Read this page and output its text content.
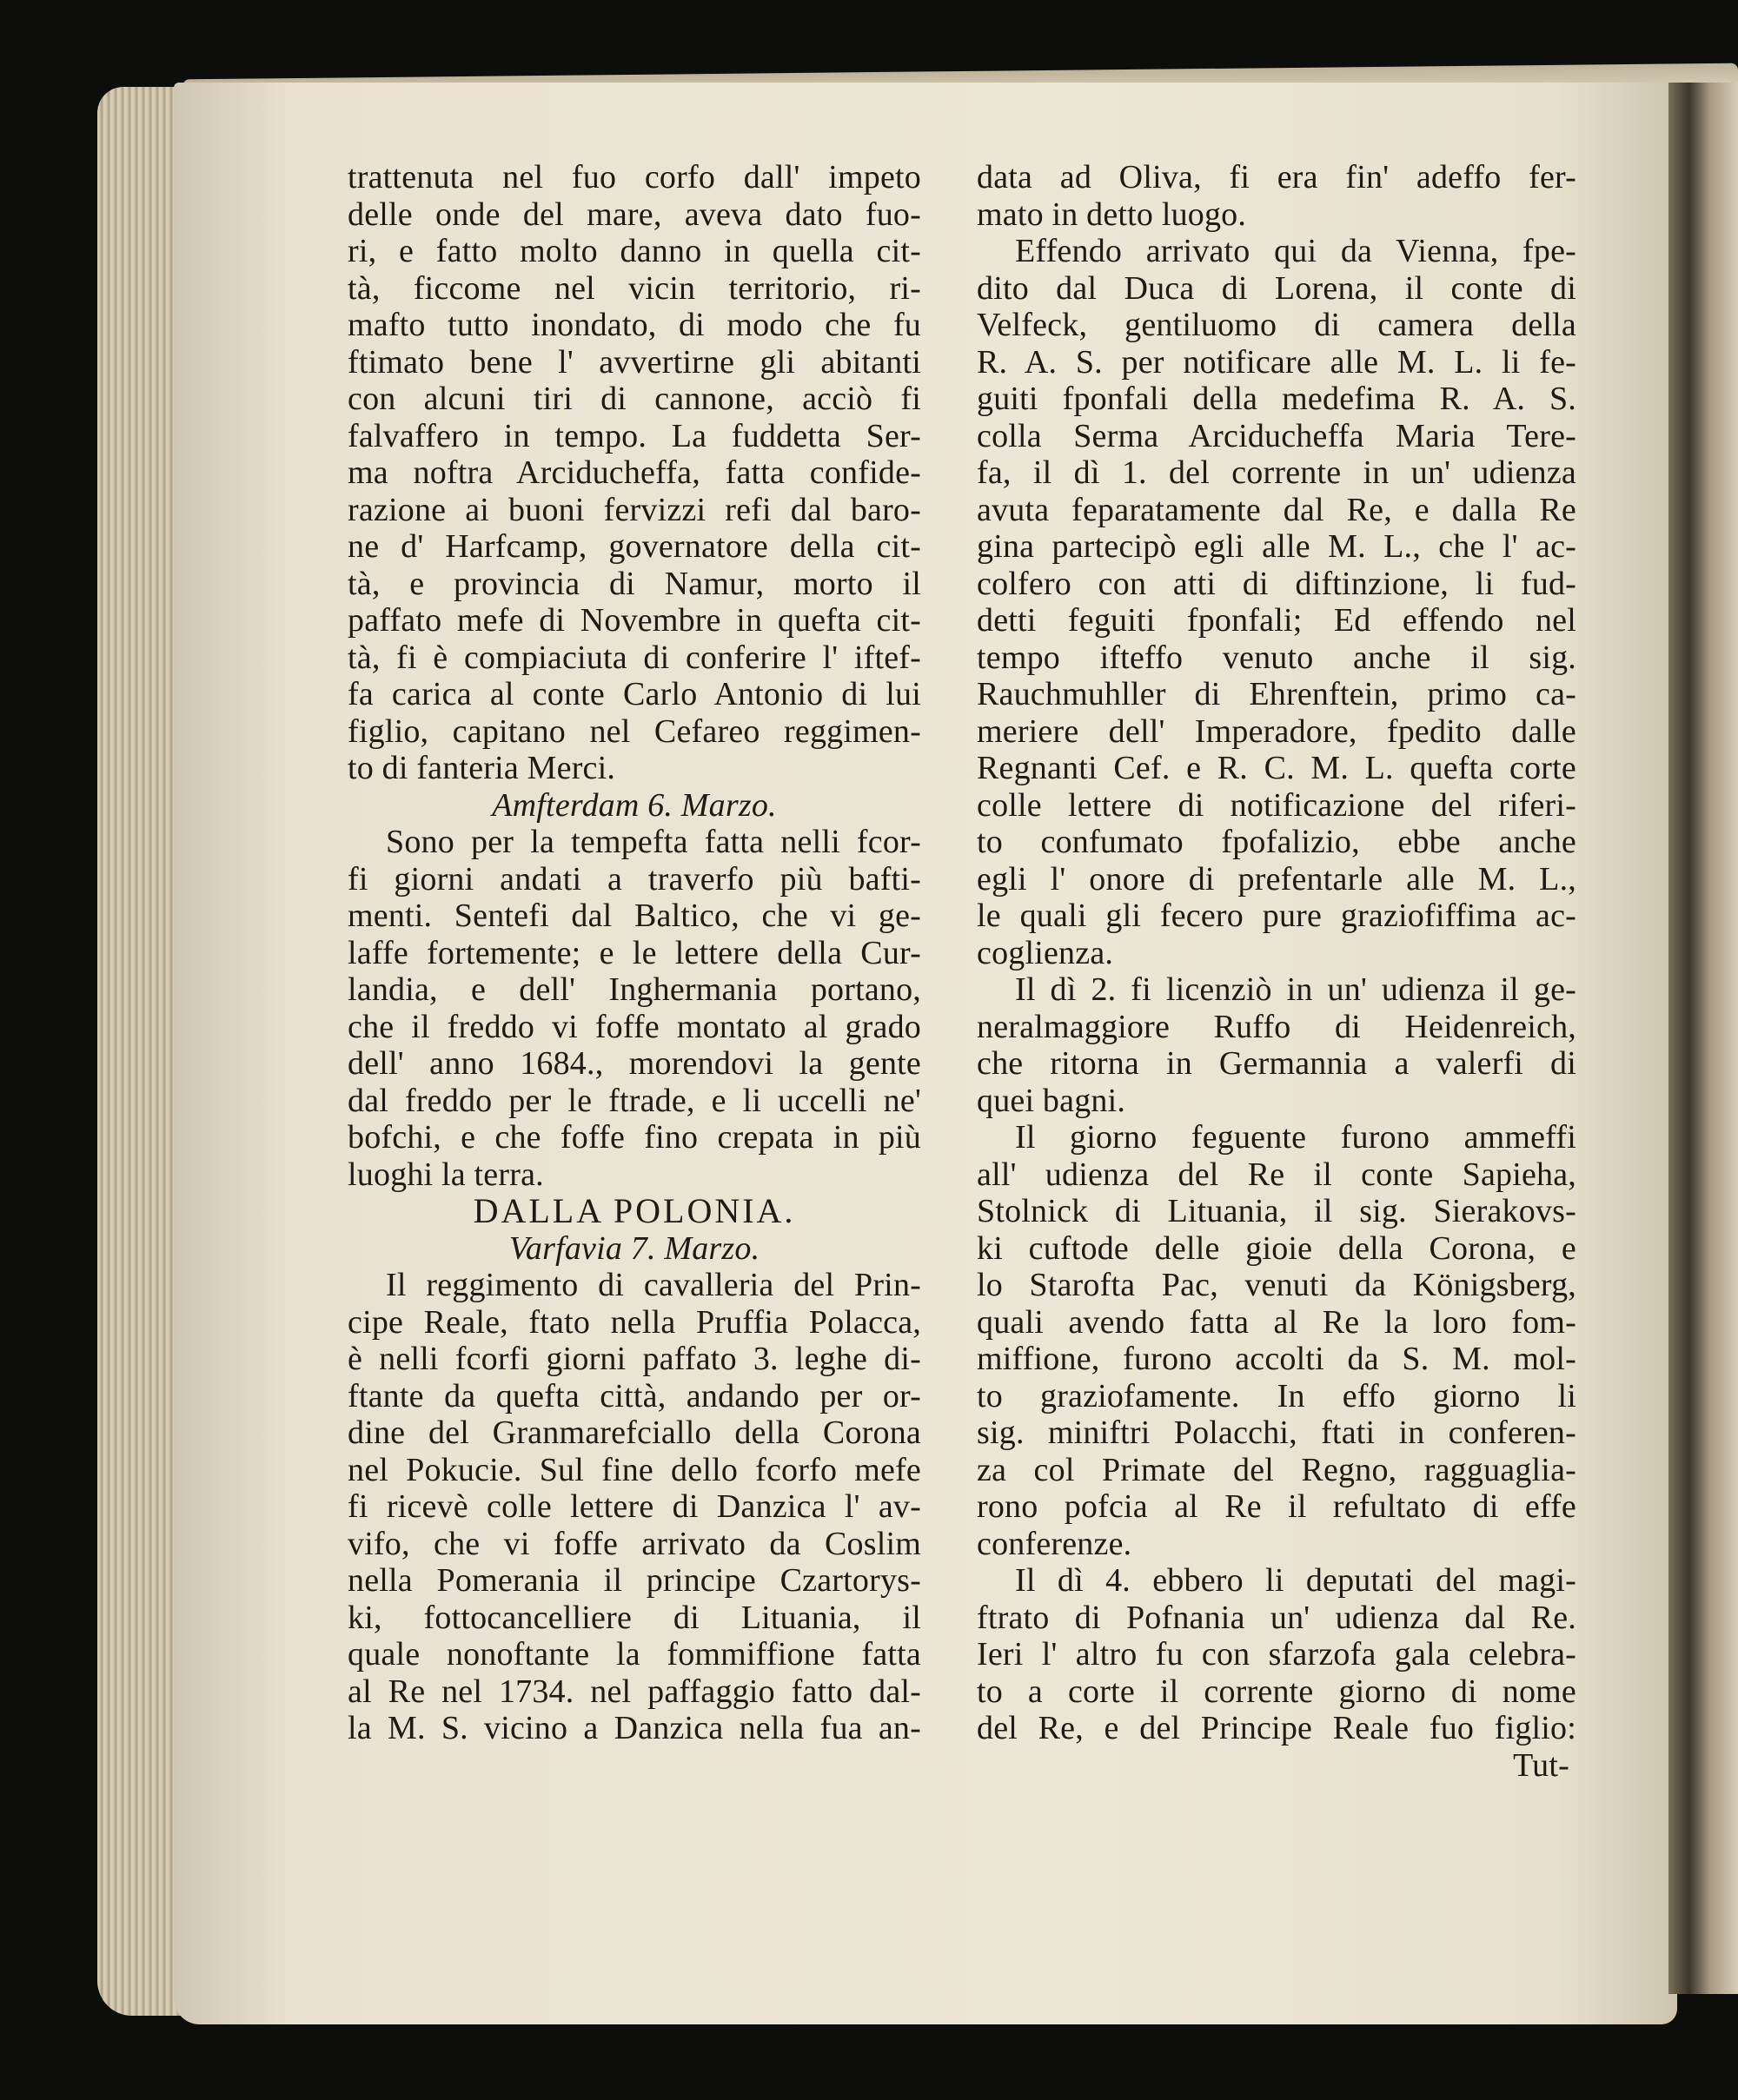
trattenuta nel fuo corfo dall' impeto
delle onde del mare, aveva dato fuo-
ri, e fatto molto danno in quella cit-
tà, ficcome nel vicin territorio, ri-
mafto tutto inondato, di modo che fu
ftimato bene l' avvertirne gli abitanti
con alcuni tiri di cannone, acciò fi
falvaffero in tempo. La fuddetta Ser-
ma noftra Arciducheffa, fatta confide-
razione ai buoni fervizzi refi dal baro-
ne d' Harfcamp, governatore della cit-
tà, e provincia di Namur, morto il
paffato mefe di Novembre in quefta cit-
tà, fi è compiaciuta di conferire l' iftef-
fa carica al conte Carlo Antonio di lui
figlio, capitano nel Cefareo reggimen-
to di fanteria Merci.
Amfterdam 6. Marzo.
Sono per la tempefta fatta nelli fcor-
fi giorni andati a traverfo più bafti-
menti. Sentefi dal Baltico, che vi ge-
laffe fortemente; e le lettere della Cur-
landia, e dell' Inghermania portano,
che il freddo vi foffe montato al grado
dell' anno 1684., morendovi la gente
dal freddo per le ftrade, e li uccelli ne'
bofchi, e che foffe fino crepata in più
luoghi la terra.
DALLA POLONIA.
Varfavia 7. Marzo.
Il reggimento di cavalleria del Prin-
cipe Reale, ftato nella Pruffia Polacca,
è nelli fcorfi giorni paffato 3. leghe di-
ftante da quefta città, andando per or-
dine del Granmarefciallo della Corona
nel Pokucie. Sul fine dello fcorfo mefe
fi ricevè colle lettere di Danzica l' av-
vifo, che vi foffe arrivato da Coslim
nella Pomerania il principe Czartorys-
ki, fottocancelliere di Lituania, il
quale nonoftante la fommiffione fatta
al Re nel 1734. nel paffaggio fatto dal-
la M. S. vicino a Danzica nella fua an-
data ad Oliva, fi era fin' adeffo fer-
mato in detto luogo.
Effendo arrivato qui da Vienna, fpe-
dito dal Duca di Lorena, il conte di
Velfeck, gentiluomo di camera della
R. A. S. per notificare alle M. L. li fe-
guiti fponfali della medefima R. A. S.
colla Serma Arciducheffa Maria Tere-
fa, il dì 1. del corrente in un' udienza
avuta feparatamente dal Re, e dalla Re
gina partecipò egli alle M. L., che l' ac-
colfero con atti di diftinzione, li fud-
detti feguiti fponfali; Ed effendo nel
tempo ifteffo venuto anche il sig.
Rauchmuhller di Ehrenftein, primo ca-
meriere dell' Imperadore, fpedito dalle
Regnanti Cef. e R. C. M. L. quefta corte
colle lettere di notificazione del riferi-
to confumato fpofalizio, ebbe anche
egli l' onore di prefentarle alle M. L.,
le quali gli fecero pure graziofiffima ac-
coglienza.
Il dì 2. fi licenziò in un' udienza il ge-
neralmaggiore Ruffo di Heidenreich,
che ritorna in Germannia a valerfi di
quei bagni.
Il giorno feguente furono ammeffi
all' udienza del Re il conte Sapieha,
Stolnick di Lituania, il sig. Sierakovs-
ki cuftode delle gioie della Corona, e
lo Starofta Pac, venuti da Königsberg,
quali avendo fatta al Re la loro fom-
miffione, furono accolti da S. M. mol-
to graziofamente. In effo giorno li
sig. miniftri Polacchi, ftati in conferen-
za col Primate del Regno, ragguaglia-
rono pofcia al Re il refultato di effe
conferenze.
Il dì 4. ebbero li deputati del magi-
ftrato di Pofnania un' udienza dal Re.
Ieri l' altro fu con sfarzofa gala celebra-
to a corte il corrente giorno di nome
del Re, e del Principe Reale fuo figlio:
Tut-
